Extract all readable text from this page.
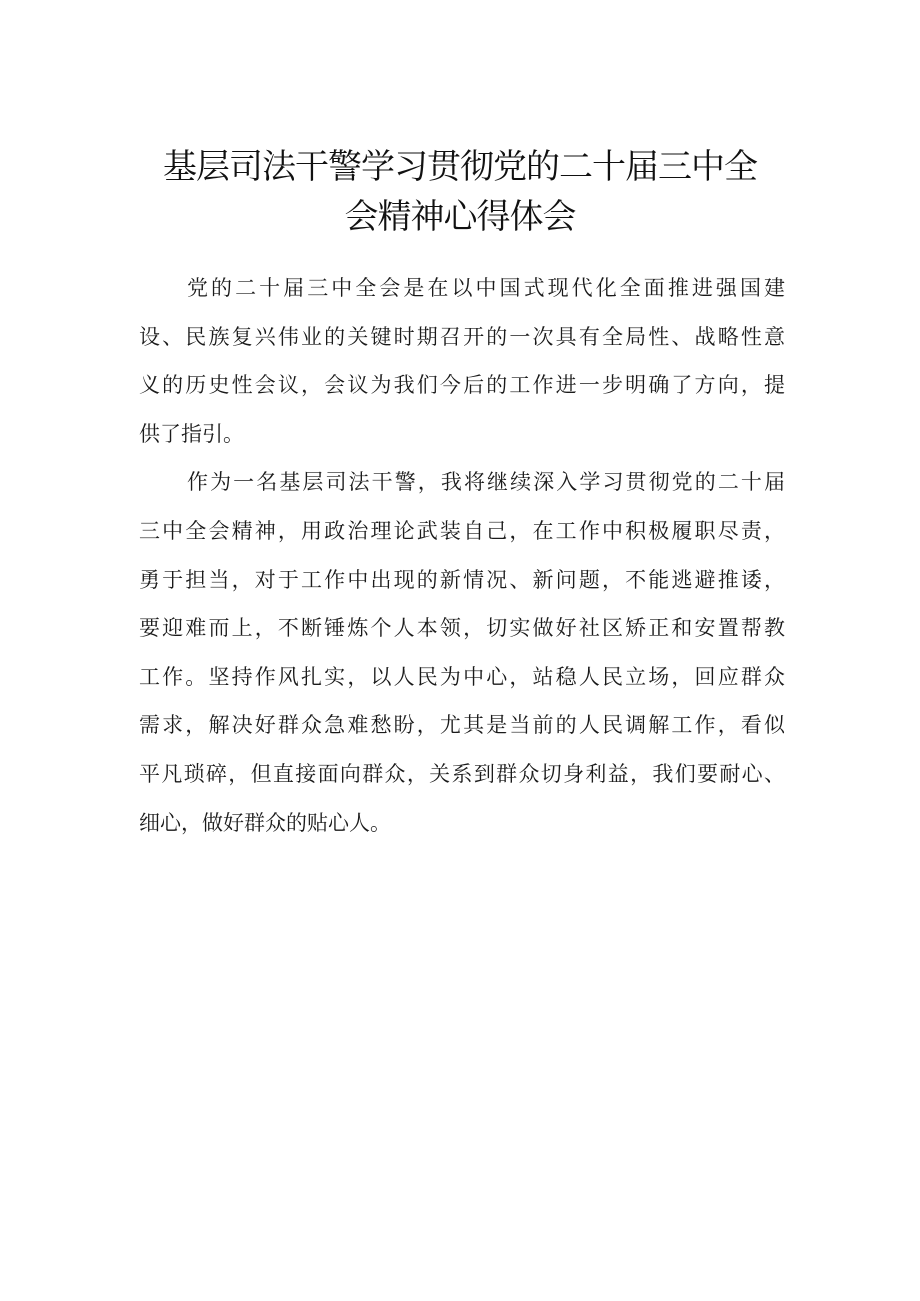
基层司法干警学习贯彻党的二十届三中全
会精神心得体会
党的二十届三中全会是在以中国式现代化全面推进强国建
设、民族复兴伟业的关键时期召开的一次具有全局性、战略性意
义的历史性会议，会议为我们今后的工作进一步明确了方向，提
供了指引。
作为一名基层司法干警，我将继续深入学习贯彻党的二十届
三中全会精神，用政治理论武装自己，在工作中积极履职尽责，
勇于担当，对于工作中出现的新情况、新问题，不能逃避推诿，
要迎难而上，不断锤炼个人本领，切实做好社区矫正和安置帮教
工作。坚持作风扎实，以人民为中心，站稳人民立场，回应群众
需求，解决好群众急难愁盼，尤其是当前的人民调解工作，看似
平凡琐碎，但直接面向群众，关系到群众切身利益，我们要耐心、
细心，做好群众的贴心人。
